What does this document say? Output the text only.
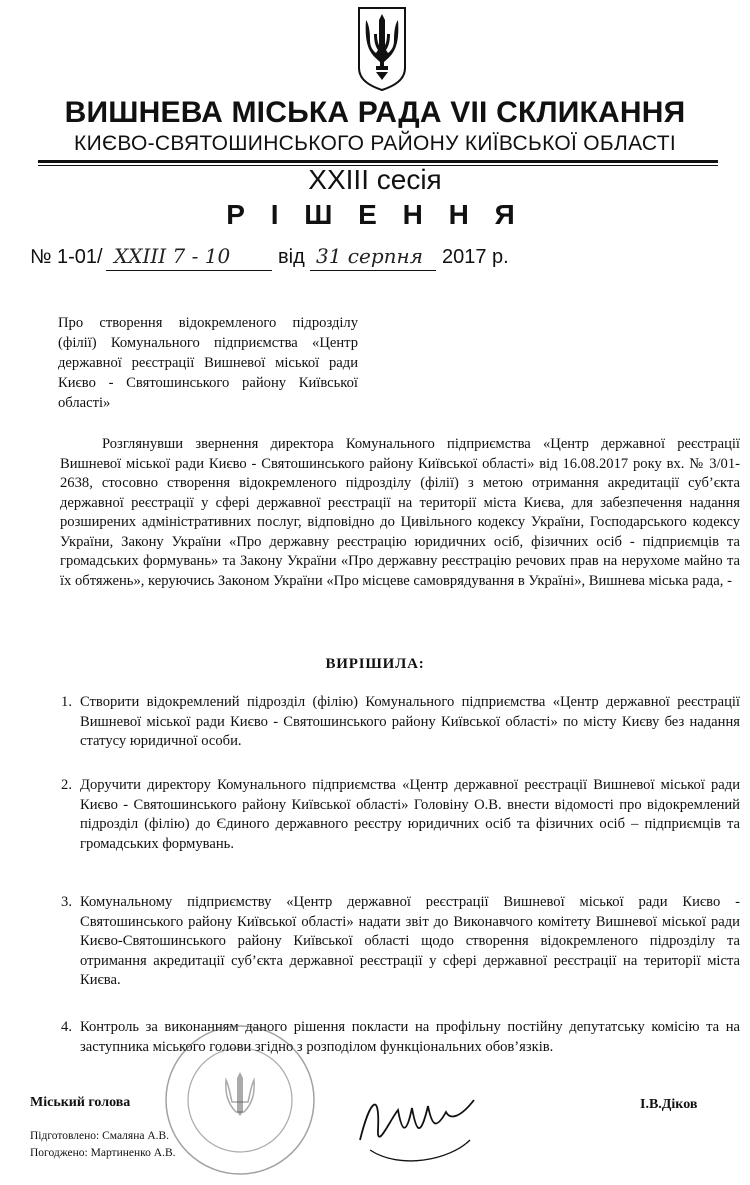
ВИШНЕВА МІСЬКА РАДА VII СКЛИКАННЯ
КИЄВО-СВЯТОШИНСЬКОГО РАЙОНУ КИЇВСЬКОЇ ОБЛАСТІ
XXIII сесія
Р І Ш Е Н Н Я
№ 1-01/ XXIII 7 - 10 від 31 серпня 2017 р.
Про створення відокремленого підрозділу (філії) Комунального підприємства «Центр державної реєстрації Вишневої міської ради Києво - Святошинського району Київської області»
Розглянувши звернення директора Комунального підприємства «Центр державної реєстрації Вишневої міської ради Києво - Святошинського району Київської області» від 16.08.2017 року вх. № 3/01-2638, стосовно створення відокремленого підрозділу (філії) з метою отримання акредитації суб’єкта державної реєстрації у сфері державної реєстрації на території міста Києва, для забезпечення надання розширених адміністративних послуг, відповідно до Цивільного кодексу України, Господарського кодексу України, Закону України «Про державну реєстрацію юридичних осіб, фізичних осіб - підприємців та громадських формувань» та Закону України «Про державну реєстрацію речових прав на нерухоме майно та їх обтяжень», керуючись Законом України «Про місцеве самоврядування в Україні», Вишнева міська рада, -
ВИРІШИЛА:
1. Створити відокремлений підрозділ (філію) Комунального підприємства «Центр державної реєстрації Вишневої міської ради Києво - Святошинського району Київської області» по місту Києву без надання статусу юридичної особи.
2. Доручити директору Комунального підприємства «Центр державної реєстрації Вишневої міської ради Києво - Святошинського району Київської області» Головіну О.В. внести відомості про відокремлений підрозділ (філію) до Єдиного державного реєстру юридичних осіб та фізичних осіб – підприємців та громадських формувань.
3. Комунальному підприємству «Центр державної реєстрації Вишневої міської ради Києво - Святошинського району Київської області» надати звіт до Виконавчого комітету Вишневої міської ради Києво-Святошинського району Київської області щодо створення відокремленого підрозділу та отримання акредитації суб’єкта державної реєстрації у сфері державної реєстрації на території міста Києва.
4. Контроль за виконанням даного рішення покласти на профільну постійну депутатську комісію та на заступника міського голови згідно з розподілом функціональних обов’язків.
Міський голова	І.В.Діков
Підготовлено: Смаляна А.В.
Погоджено: Мартиненко А.В.
